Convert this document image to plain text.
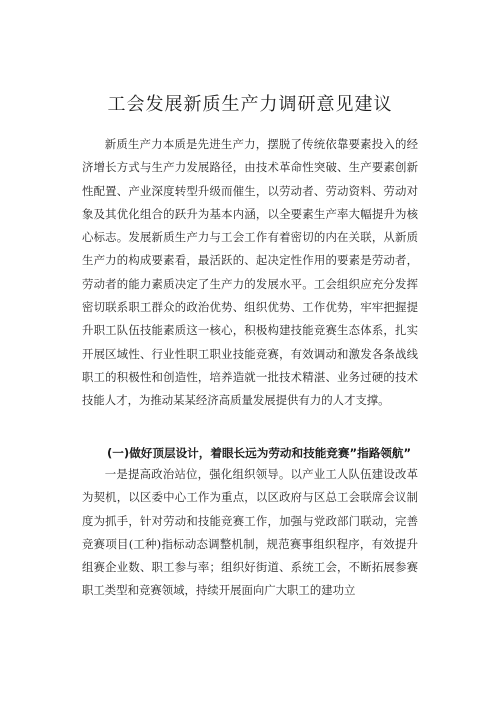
工会发展新质生产力调研意见建议

新质生产力本质是先进生产力，摆脱了传统依靠要素投入的经济增长方式与生产力发展路径，由技术革命性突破、生产要素创新性配置、产业深度转型升级而催生，以劳动者、劳动资料、劳动对象及其优化组合的跃升为基本内涵，以全要素生产率大幅提升为核心标志。发展新质生产力与工会工作有着密切的内在关联，从新质生产力的构成要素看，最活跃的、起决定性作用的要素是劳动者，劳动者的能力素质决定了生产力的发展水平。工会组织应充分发挥密切联系职工群众的政治优势、组织优势、工作优势，牢牢把握提升职工队伍技能素质这一核心，积极构建技能竞赛生态体系，扎实开展区域性、行业性职工职业技能竞赛，有效调动和激发各条战线职工的积极性和创造性，培养造就一批技术精湛、业务过硬的技术技能人才，为推动某某经济高质量发展提供有力的人才支撑。

(一)做好顶层设计，着眼长远为劳动和技能竞赛”指路领航”

一是提高政治站位，强化组织领导。以产业工人队伍建设改革为契机，以区委中心工作为重点，以区政府与区总工会联席会议制度为抓手，针对劳动和技能竞赛工作，加强与党政部门联动，完善竞赛项目(工种)指标动态调整机制，规范赛事组织程序，有效提升组赛企业数、职工参与率；组织好街道、系统工会，不断拓展参赛职工类型和竞赛领域，持续开展面向广大职工的建功立
